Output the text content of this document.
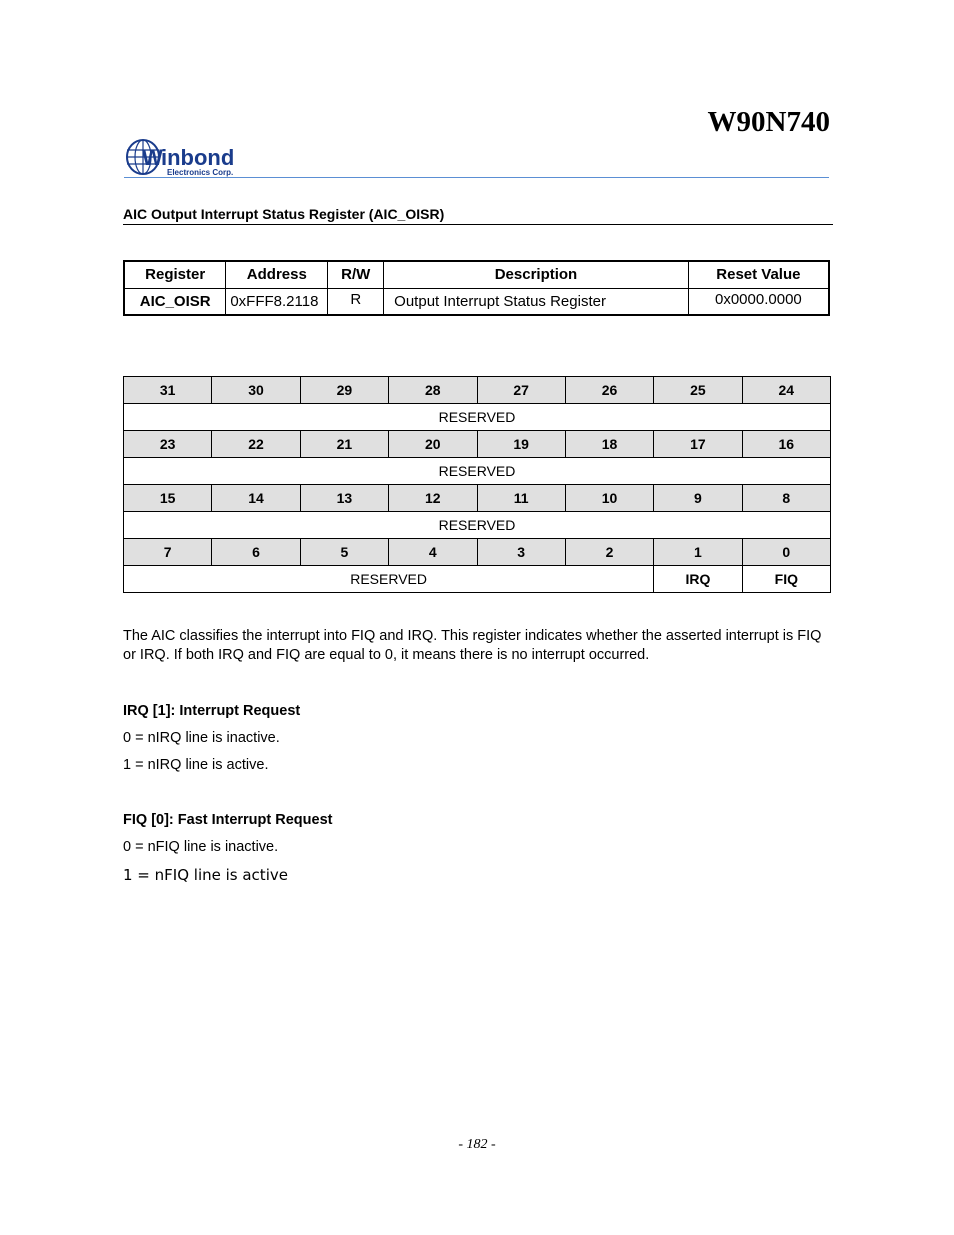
W90N740
W
inbond
Electronics Corp.
AIC Output Interrupt Status Register (AIC_OISR)
Register	Address	R/W	Description	Reset Value
AIC_OISR	0xFFF8.2118	R	Output Interrupt Status Register	0x0000.0000
31	30	29	28	27	26	25	24
RESERVED							
23	22	21	20	19	18	17	16
RESERVED							
15	14	13	12	11	10	9	8
RESERVED							
7	6	5	4	3	2	1	0
RESERVED						IRQ	FIQ
The AIC classifies the interrupt into FIQ and IRQ. This register indicates whether the asserted interrupt is FIQ or IRQ. If both IRQ and FIQ are equal to 0, it means there is no interrupt occurred.
IRQ [1]: Interrupt Request
0 = nIRQ line is inactive.
1 = nIRQ line is active.
FIQ [0]: Fast Interrupt Request
0 = nFIQ line is inactive.
1 = nFIQ line is active
- 182 -
